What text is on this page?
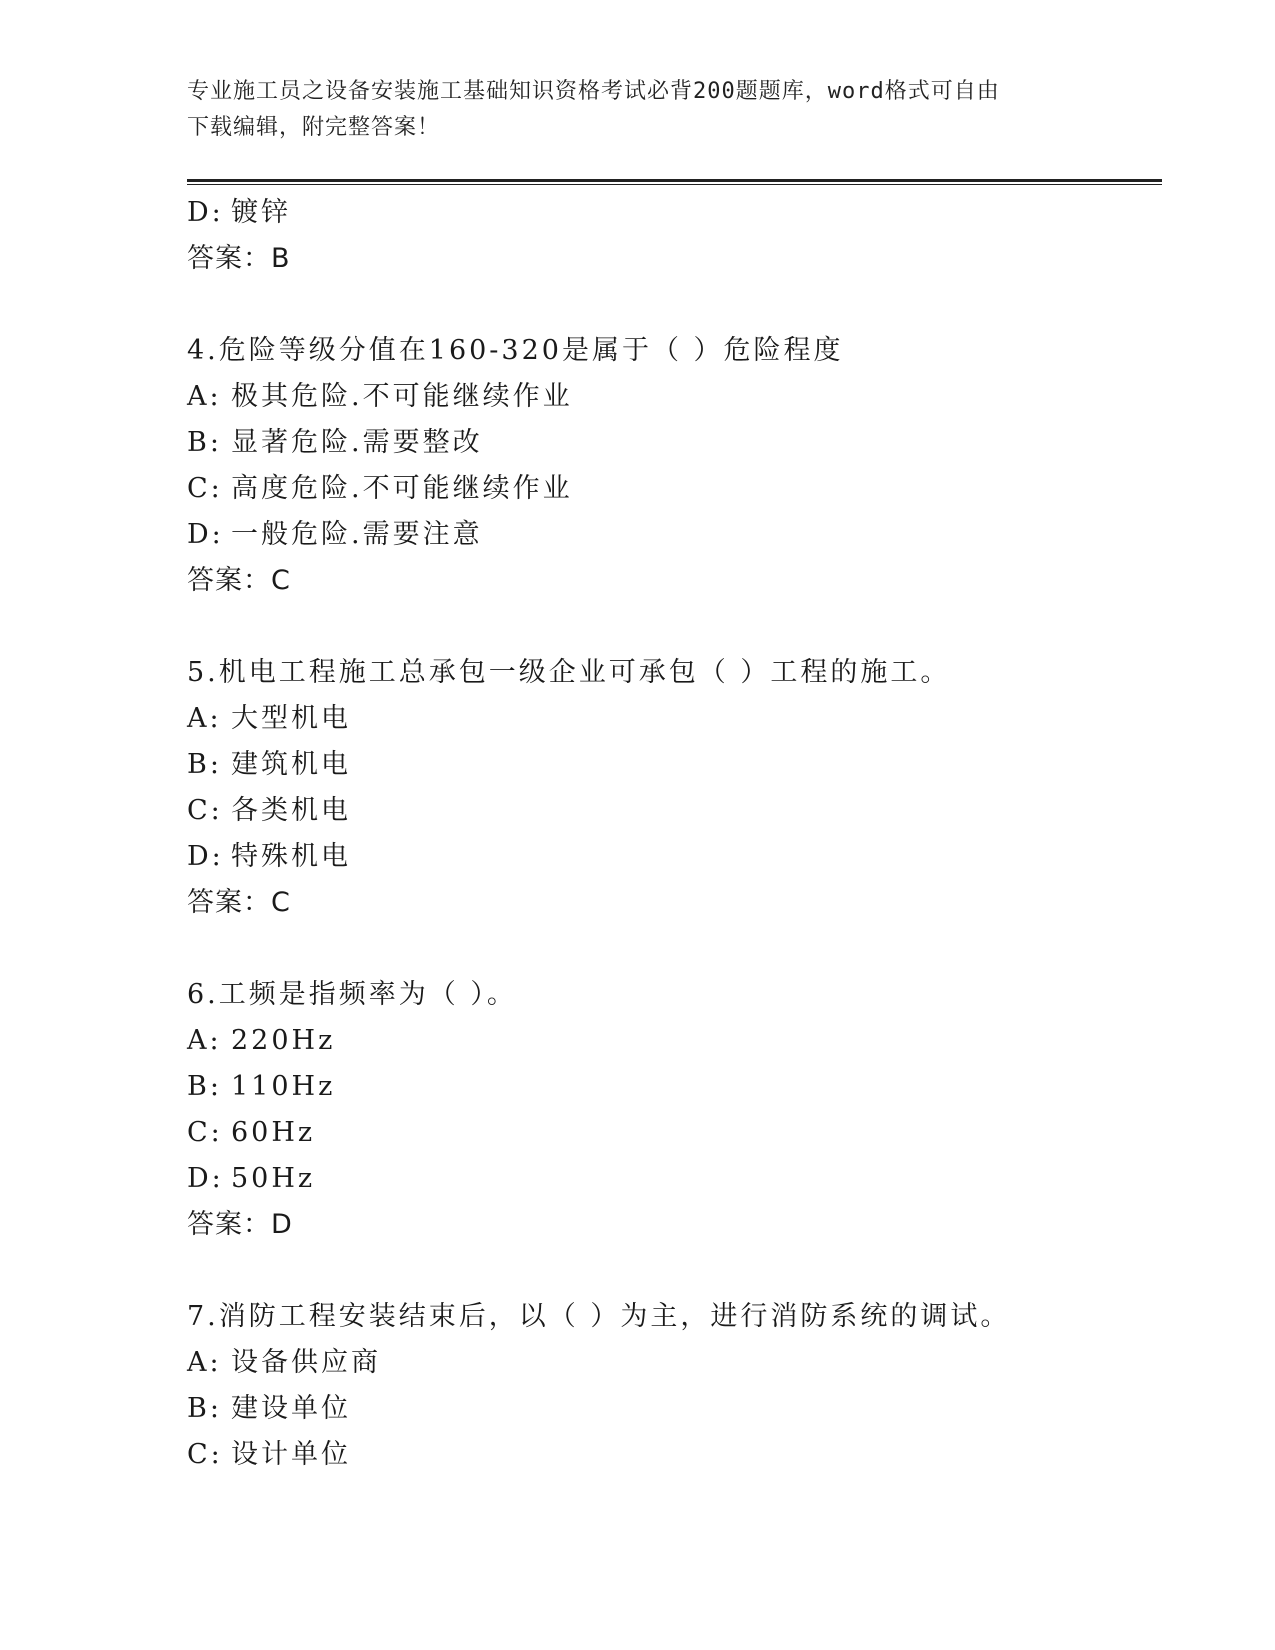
专业施工员之设备安装施工基础知识资格考试必背200题题库，word格式可自由
下载编辑，附完整答案！
D: 镀锌
答案：B
4.危险等级分值在160-320是属于（ ）危险程度
A: 极其危险.不可能继续作业
B: 显著危险.需要整改
C: 高度危险.不可能继续作业
D: 一般危险.需要注意
答案：C
5.机电工程施工总承包一级企业可承包（ ）工程的施工。
A: 大型机电
B: 建筑机电
C: 各类机电
D: 特殊机电
答案：C
6.工频是指频率为（ ）。
A: 220Hz
B: 110Hz
C: 60Hz
D: 50Hz
答案：D
7.消防工程安装结束后，以（ ）为主，进行消防系统的调试。
A: 设备供应商
B: 建设单位
C: 设计单位
